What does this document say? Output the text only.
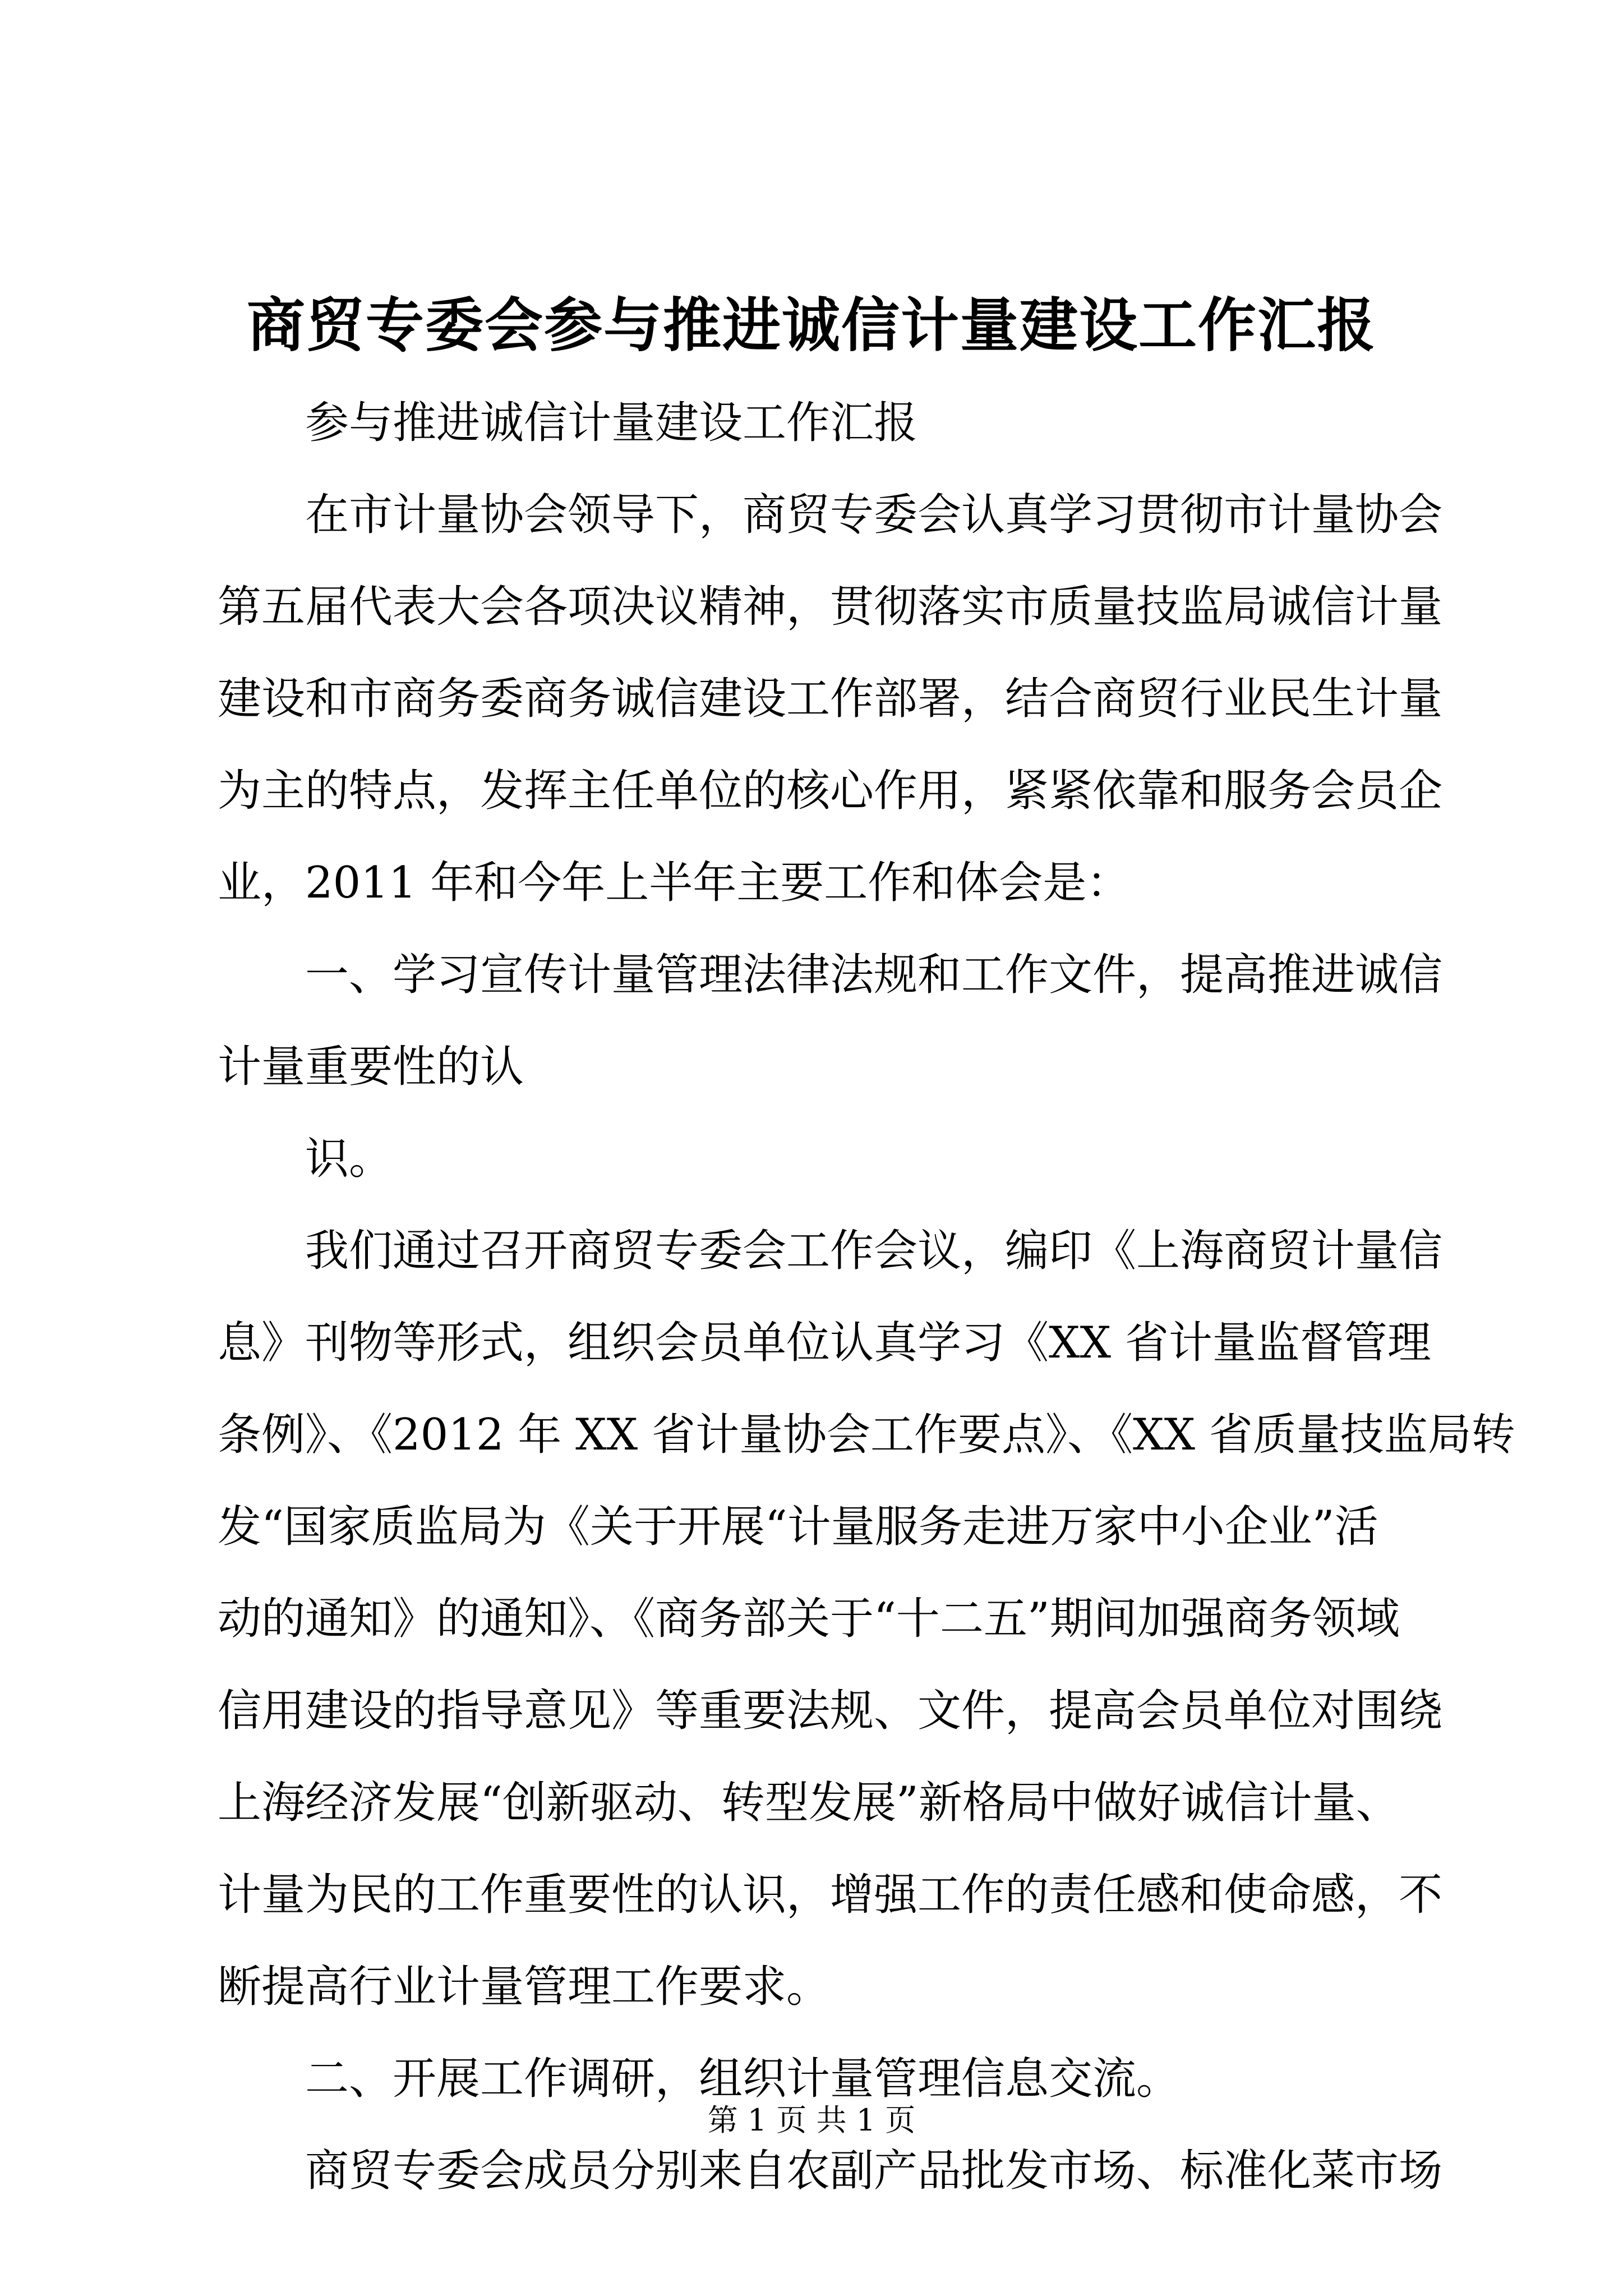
商贸专委会参与推进诚信计量建设工作汇报
参与推进诚信计量建设工作汇报
在市计量协会领导下，商贸专委会认真学习贯彻市计量协会
第五届代表大会各项决议精神，贯彻落实市质量技监局诚信计量
建设和市商务委商务诚信建设工作部署，结合商贸行业民生计量
为主的特点，发挥主任单位的核心作用，紧紧依靠和服务会员企
业，2011 年和今年上半年主要工作和体会是：
一、学习宣传计量管理法律法规和工作文件，提高推进诚信
计量重要性的认
识。
我们通过召开商贸专委会工作会议，编印《上海商贸计量信
息》刊物等形式，组织会员单位认真学习《XX 省计量监督管理
条例》、《2012 年 XX 省计量协会工作要点》、《XX 省质量技监局转
发“国家质监局为《关于开展“计量服务走进万家中小企业”活
动的通知》的通知》、《商务部关于“十二五”期间加强商务领域
信用建设的指导意见》等重要法规、文件，提高会员单位对围绕
上海经济发展“创新驱动、转型发展”新格局中做好诚信计量、
计量为民的工作重要性的认识，增强工作的责任感和使命感，不
断提高行业计量管理工作要求。
二、开展工作调研，组织计量管理信息交流。
商贸专委会成员分别来自农副产品批发市场、标准化菜市场
第 1 页 共 1 页
